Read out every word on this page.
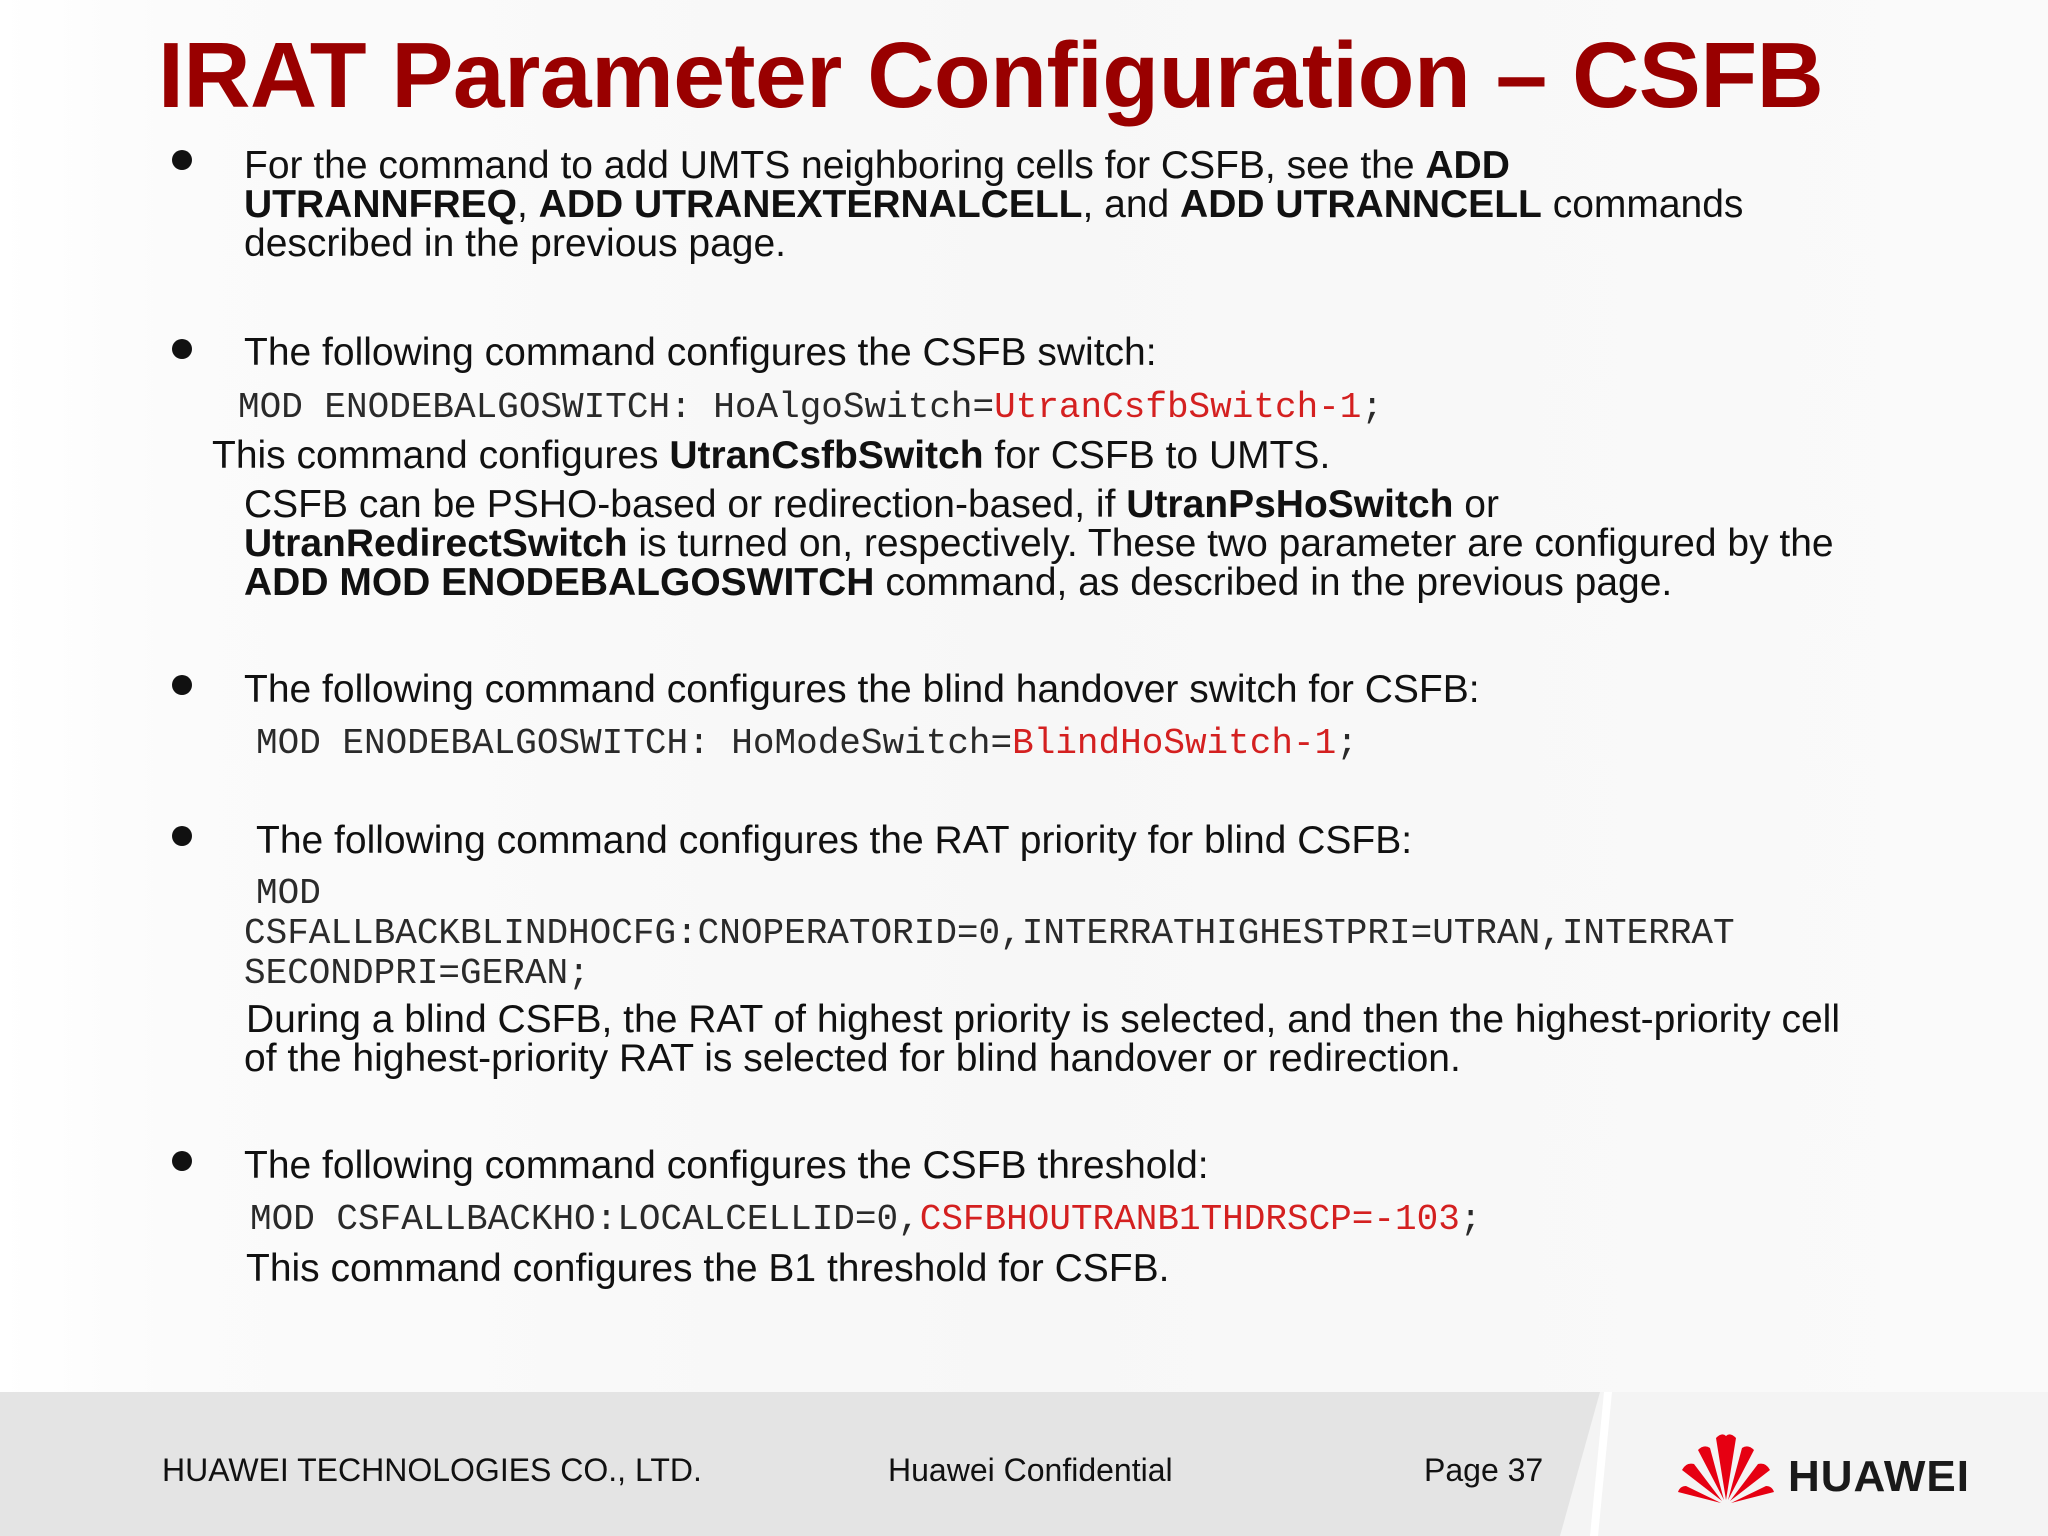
IRAT Parameter Configuration – CSFB
For the command to add UMTS neighboring cells for CSFB, see the ADD
UTRANNFREQ, ADD UTRANEXTERNALCELL, and ADD UTRANNCELL commands
described in the previous page.
The following command configures the CSFB switch:
MOD ENODEBALGOSWITCH: HoAlgoSwitch=UtranCsfbSwitch-1;
This command configures UtranCsfbSwitch for CSFB to UMTS.
CSFB can be PSHO-based or redirection-based, if UtranPsHoSwitch or
UtranRedirectSwitch is turned on, respectively. These two parameter are configured by the
ADD MOD ENODEBALGOSWITCH command, as described in the previous page.
The following command configures the blind handover switch for CSFB:
MOD ENODEBALGOSWITCH: HoModeSwitch=BlindHoSwitch-1;
The following command configures the RAT priority for blind CSFB:
MOD
CSFALLBACKBLINDHOCFG:CNOPERATORID=0,INTERRATHIGHESTPRI=UTRAN,INTERRAT
SECONDPRI=GERAN;
During a blind CSFB, the RAT of highest priority is selected, and then the highest-priority cell
of the highest-priority RAT is selected for blind handover or redirection.
The following command configures the CSFB threshold:
MOD CSFALLBACKHO:LOCALCELLID=0,CSFBHOUTRANB1THDRSCP=-103;
This command configures the B1 threshold for CSFB.
HUAWEI TECHNOLOGIES CO., LTD.	Huawei Confidential	Page 37	HUAWEI
